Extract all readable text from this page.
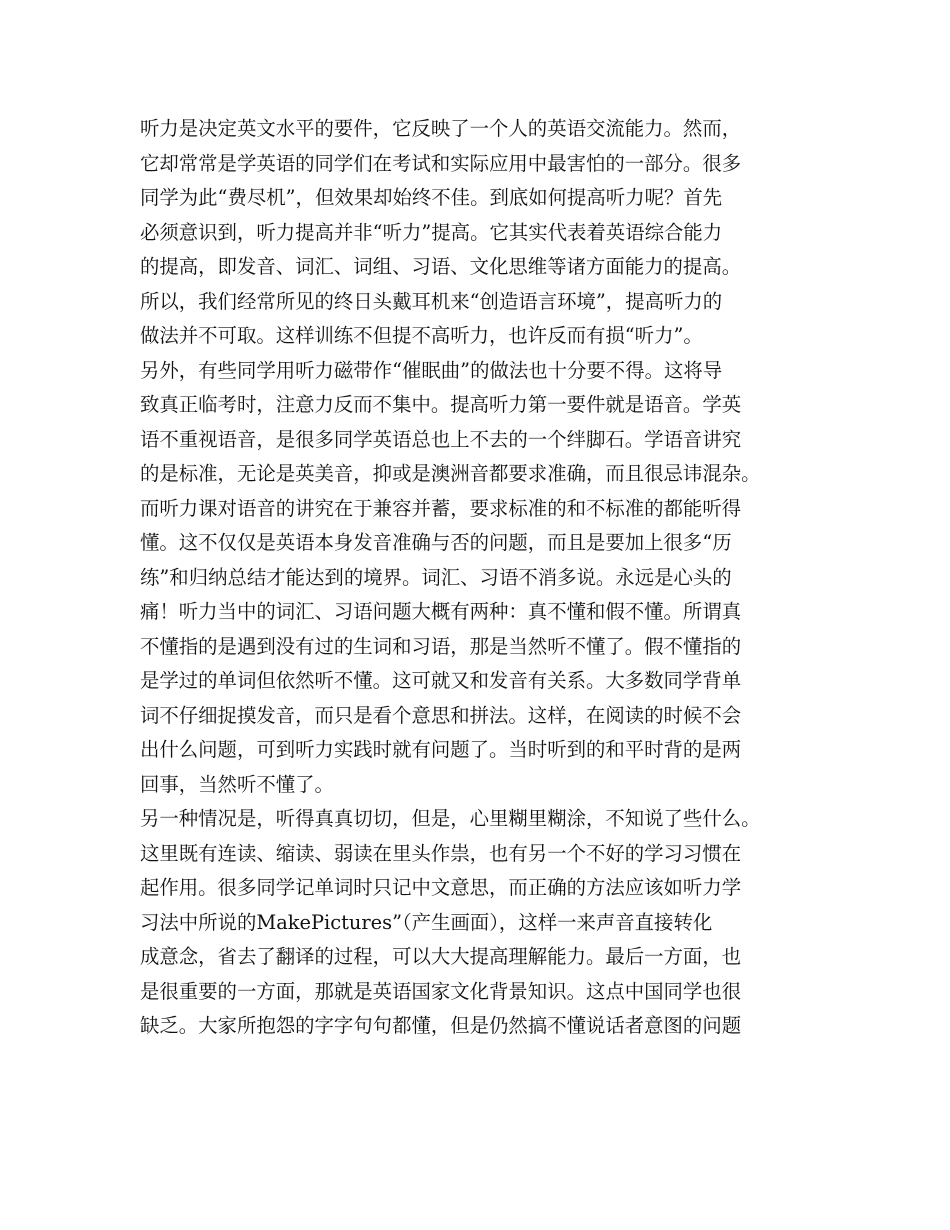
听力是决定英文水平的要件，它反映了一个人的英语交流能力。然而，
它却常常是学英语的同学们在考试和实际应用中最害怕的一部分。很多
同学为此“费尽机”，但效果却始终不佳。到底如何提高听力呢？首先
必须意识到，听力提高并非“听力”提高。它其实代表着英语综合能力
的提高，即发音、词汇、词组、习语、文化思维等诸方面能力的提高。
所以，我们经常所见的终日头戴耳机来“创造语言环境”，提高听力的
做法并不可取。这样训练不但提不高听力，也许反而有损“听力”。
另外，有些同学用听力磁带作“催眠曲”的做法也十分要不得。这将导
致真正临考时，注意力反而不集中。提高听力第一要件就是语音。学英
语不重视语音，是很多同学英语总也上不去的一个绊脚石。学语音讲究
的是标准，无论是英美音，抑或是澳洲音都要求准确，而且很忌讳混杂。
而听力课对语音的讲究在于兼容并蓄，要求标准的和不标准的都能听得
懂。这不仅仅是英语本身发音准确与否的问题，而且是要加上很多“历
练”和归纳总结才能达到的境界。词汇、习语不消多说。永远是心头的
痛！听力当中的词汇、习语问题大概有两种：真不懂和假不懂。所谓真
不懂指的是遇到没有过的生词和习语，那是当然听不懂了。假不懂指的
是学过的单词但依然听不懂。这可就又和发音有关系。大多数同学背单
词不仔细捉摸发音，而只是看个意思和拼法。这样，在阅读的时候不会
出什么问题，可到听力实践时就有问题了。当时听到的和平时背的是两
回事，当然听不懂了。
另一种情况是，听得真真切切，但是，心里糊里糊涂，不知说了些什么。
这里既有连读、缩读、弱读在里头作祟，也有另一个不好的学习习惯在
起作用。很多同学记单词时只记中文意思，而正确的方法应该如听力学
习法中所说的MakePictures”（产生画面），这样一来声音直接转化
成意念，省去了翻译的过程，可以大大提高理解能力。最后一方面，也
是很重要的一方面，那就是英语国家文化背景知识。这点中国同学也很
缺乏。大家所抱怨的字字句句都懂，但是仍然搞不懂说话者意图的问题
